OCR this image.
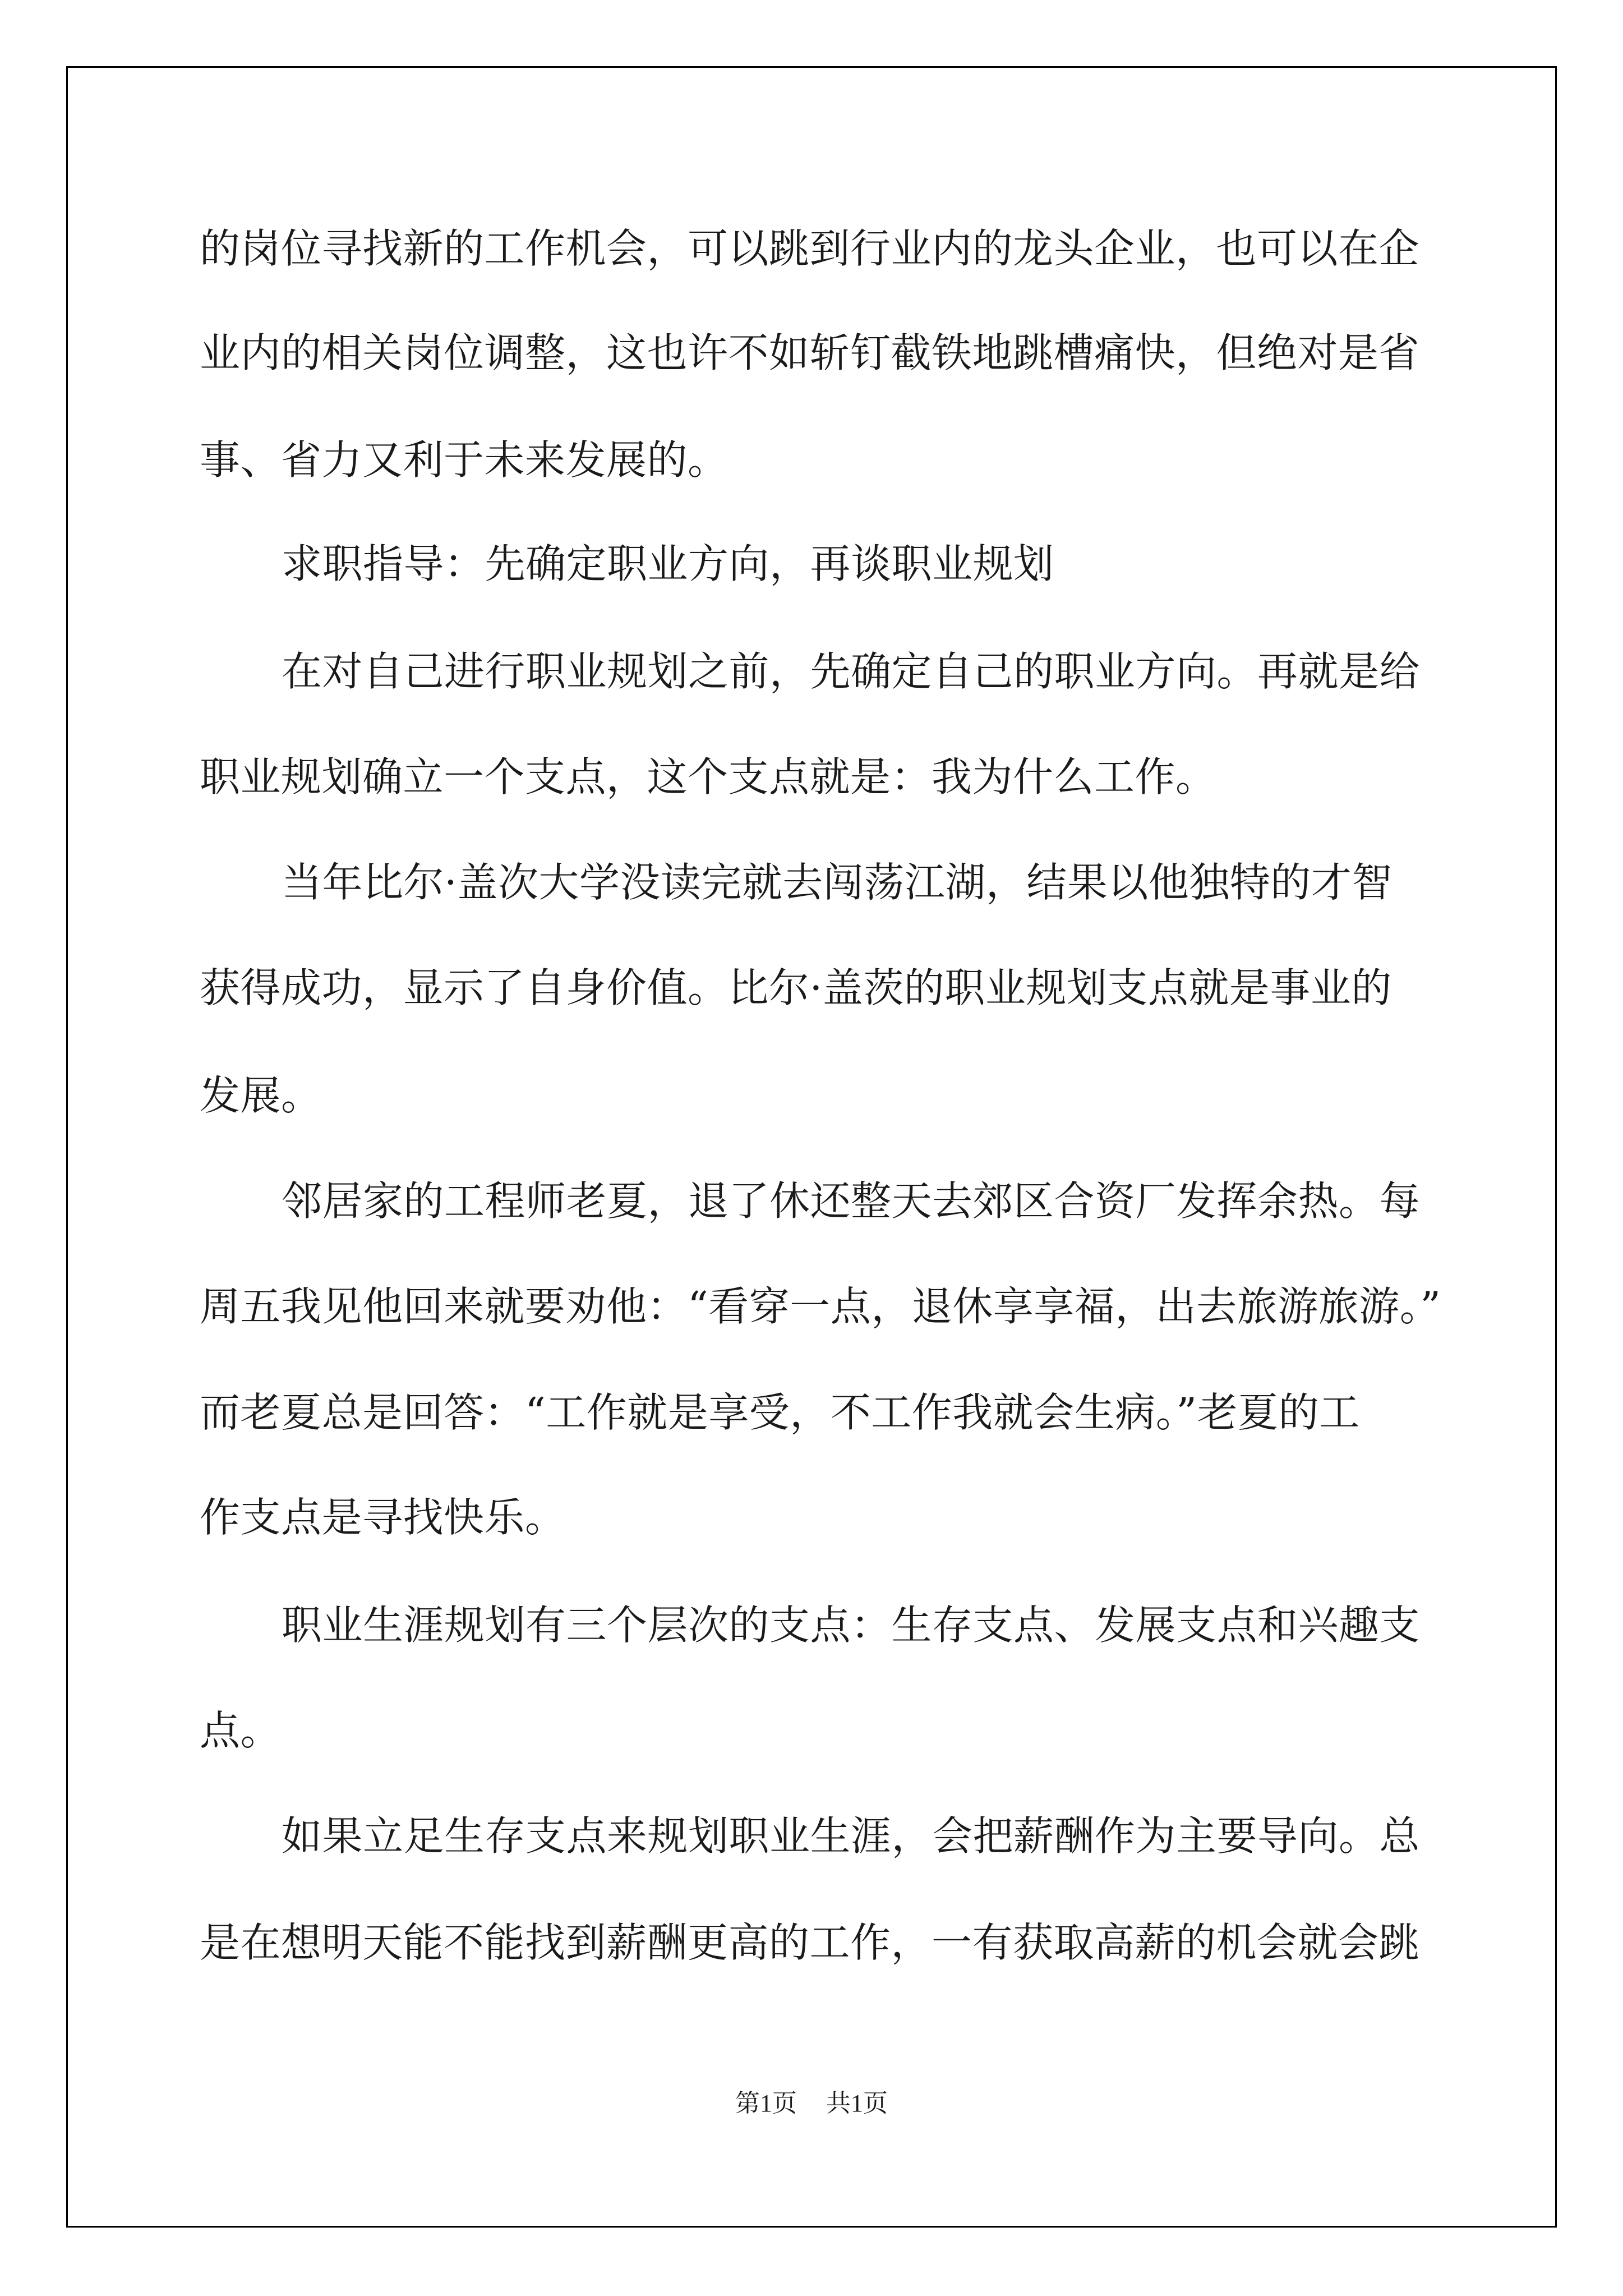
的岗位寻找新的工作机会，可以跳到行业内的龙头企业，也可以在企
业内的相关岗位调整，这也许不如斩钉截铁地跳槽痛快，但绝对是省
事、省力又利于未来发展的。
求职指导：先确定职业方向，再谈职业规划
在对自己进行职业规划之前，先确定自己的职业方向。再就是给
职业规划确立一个支点，这个支点就是：我为什么工作。
当年比尔·盖次大学没读完就去闯荡江湖，结果以他独特的才智
获得成功，显示了自身价值。比尔·盖茨的职业规划支点就是事业的
发展。
邻居家的工程师老夏，退了休还整天去郊区合资厂发挥余热。每
周五我见他回来就要劝他：“看穿一点，退休享享福，出去旅游旅游。”
而老夏总是回答：“工作就是享受，不工作我就会生病。”老夏的工
作支点是寻找快乐。
职业生涯规划有三个层次的支点：生存支点、发展支点和兴趣支
点。
如果立足生存支点来规划职业生涯，会把薪酬作为主要导向。总
是在想明天能不能找到薪酬更高的工作，一有获取高薪的机会就会跳
第1页 共1页
